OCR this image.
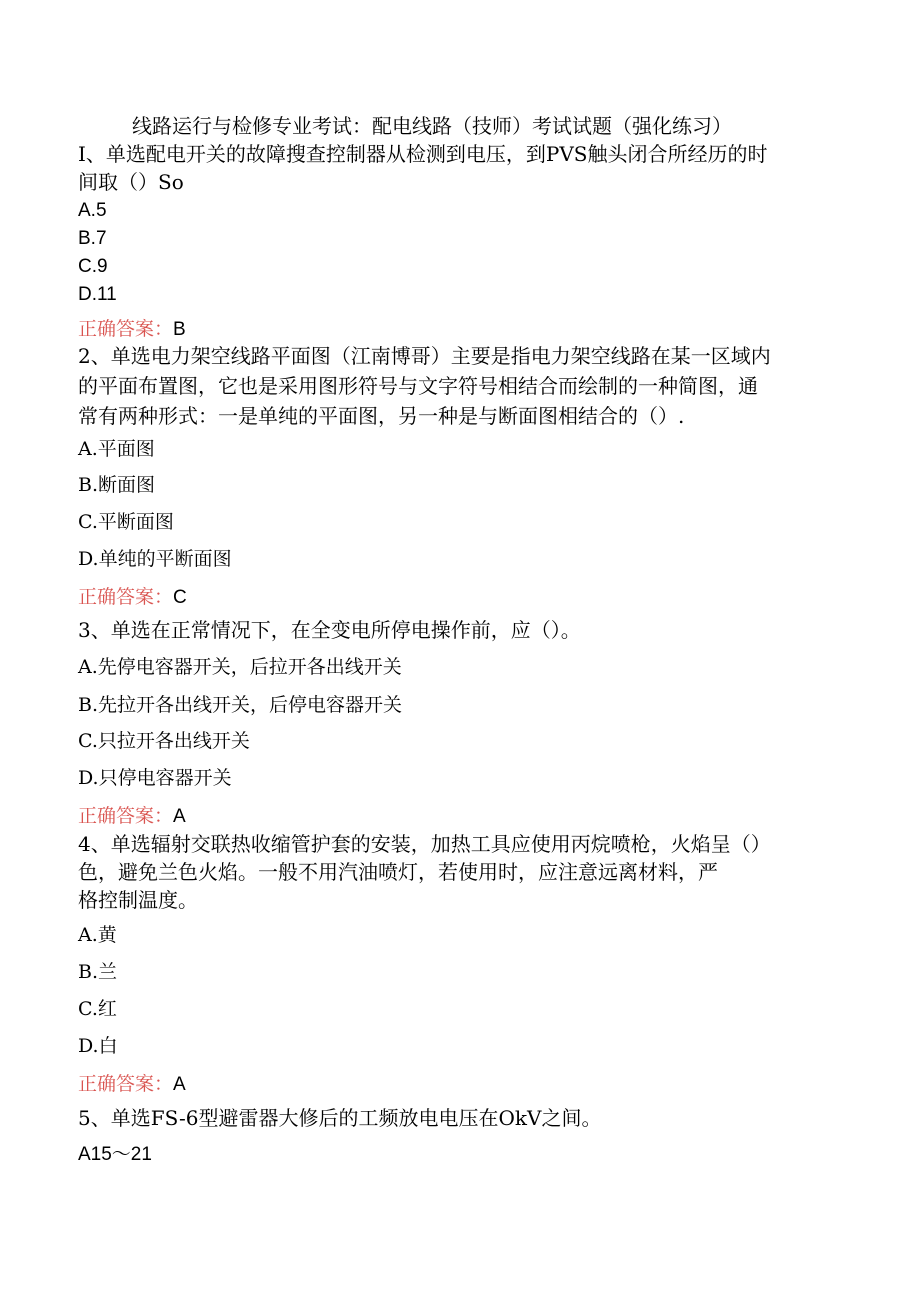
线路运行与检修专业考试：配电线路（技师）考试试题（强化练习）
I、单选配电开关的故障搜查控制器从检测到电压，到PVS触头闭合所经历的时
间取（）So
A.5
B.7
C.9
D.11
正确答案：B
2、单选电力架空线路平面图（江南博哥）主要是指电力架空线路在某一区域内
的平面布置图，它也是采用图形符号与文字符号相结合而绘制的一种简图，通
常有两种形式：一是单纯的平面图，另一种是与断面图相结合的（）.
A.平面图
B.断面图
C.平断面图
D.单纯的平断面图
正确答案：C
3、单选在正常情况下，在全变电所停电操作前，应（）。
A.先停电容器开关，后拉开各出线开关
B.先拉开各出线开关，后停电容器开关
C.只拉开各出线开关
D.只停电容器开关
正确答案：A
4、单选辐射交联热收缩管护套的安装，加热工具应使用丙烷喷枪，火焰呈（）
色，避免兰色火焰。一般不用汽油喷灯，若使用时，应注意远离材料，严
格控制温度。
A.黄
B.兰
C.红
D.白
正确答案：A
5、单选FS-6型避雷器大修后的工频放电电压在OkV之间。
A15～21
